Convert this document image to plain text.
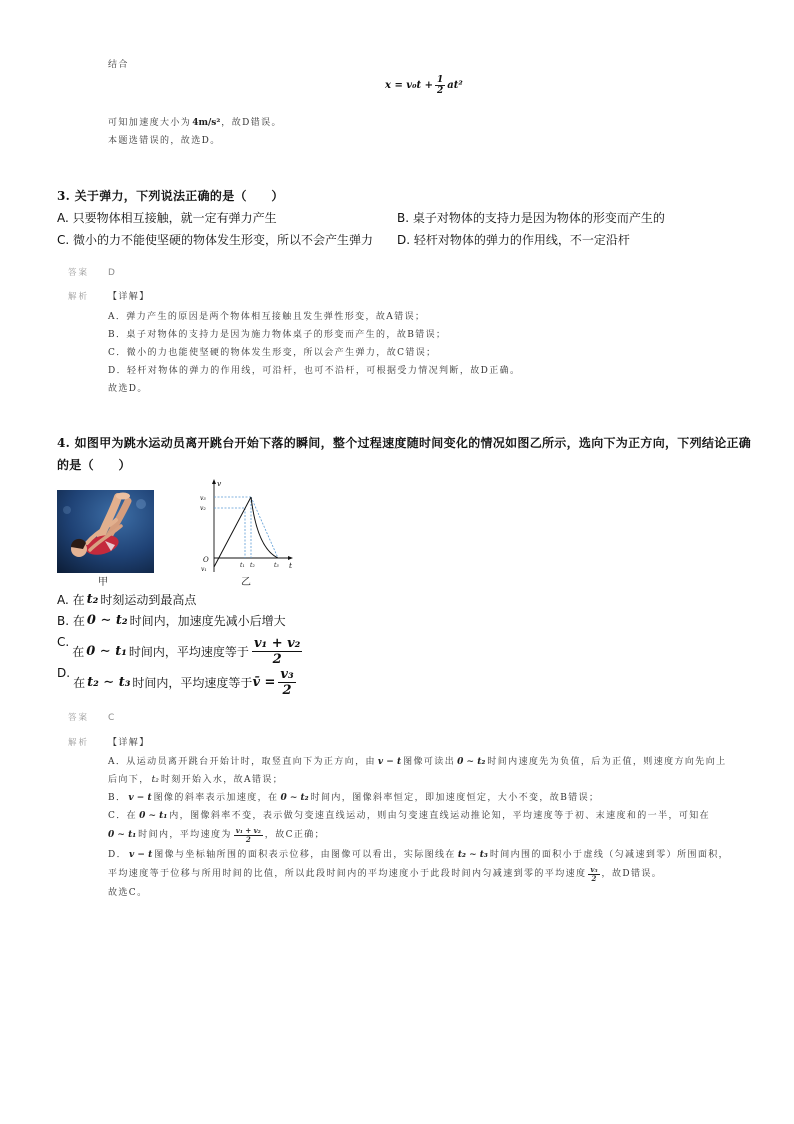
结合
$x = v_0t + \frac{1}{2} at^2$
可知加速度大小为 4m/s² ，故D错误。
本题选错误的，故选D。
3. 关于弹力，下列说法正确的是（　　）
A. 只要物体相互接触，就一定有弹力产生	B. 桌子对物体的支持力是因为物体的形变而产生的
C. 微小的力不能使坚硬的物体发生形变，所以不会产生弹力 D. 轻杆对物体的弹力的作用线，不一定沿杆
答案 D
解析 【详解】
A．弹力产生的原因是两个物体相互接触且发生弹性形变，故A错误；
B．桌子对物体的支持力是因为施力物体桌子的形变而产生的，故B错误；
C．微小的力也能使坚硬的物体发生形变，所以会产生弹力，故C错误；
D．轻杆对物体的弹力的作用线，可沿杆，也可不沿杆，可根据受力情况判断，故D正确。
故选D。
4. 如图甲为跳水运动员离开跳台开始下落的瞬间，整个过程速度随时间变化的情况如图乙所示，选向下为正方向，下列结论正确
的是（　　）
甲
v
v₃
v₂
O
v₁
t₁ t₂	t₃ t
乙
A. 在 t₂ 时刻运动到最高点
B. 在 0 ∼ t₂ 时间内，加速度先减小后增大
C.
在 0 ∼ t₁ 时间内，平均速度等于 $\frac{\text{v₁ + v₂}}{2}$
D.
在 t₂ ∼ t₃ 时间内，平均速度等于 v̄ = $\frac{\text{v₃}}{2}$
答案 C
解析 【详解】
A．从运动员离开跳台开始计时，取竖直向下为正方向，由 v − t 图像可读出 0 ∼ t₂ 时间内速度先为负值，后为正值，则速度方向先向上
后向下， t₂ 时刻开始入水，故A错误；
B． v − t 图像的斜率表示加速度，在 0 ∼ t₂ 时间内，图像斜率恒定，即加速度恒定，大小不变，故B错误；
C．在 0 ∼ t₁ 内，图像斜率不变，表示做匀变速直线运动，则由匀变速直线运动推论知，平均速度等于初、末速度和的一半，可知在
0 ∼ t₁ 时间内，平均速度为 $\frac{\text{v₁ + v₂}}{2}$ ，故C正确；
D． v − t 图像与坐标轴所围的面积表示位移，由图像可以看出，实际图线在 t₂ ∼ t₃ 时间内围的面积小于虚线（匀减速到零）所围面积，
平均速度等于位移与所用时间的比值，所以此段时间内的平均速度小于此段时间内匀减速到零的平均速度 $\frac{\text{v₃}}{2}$ ，故D错误。
故选C。
